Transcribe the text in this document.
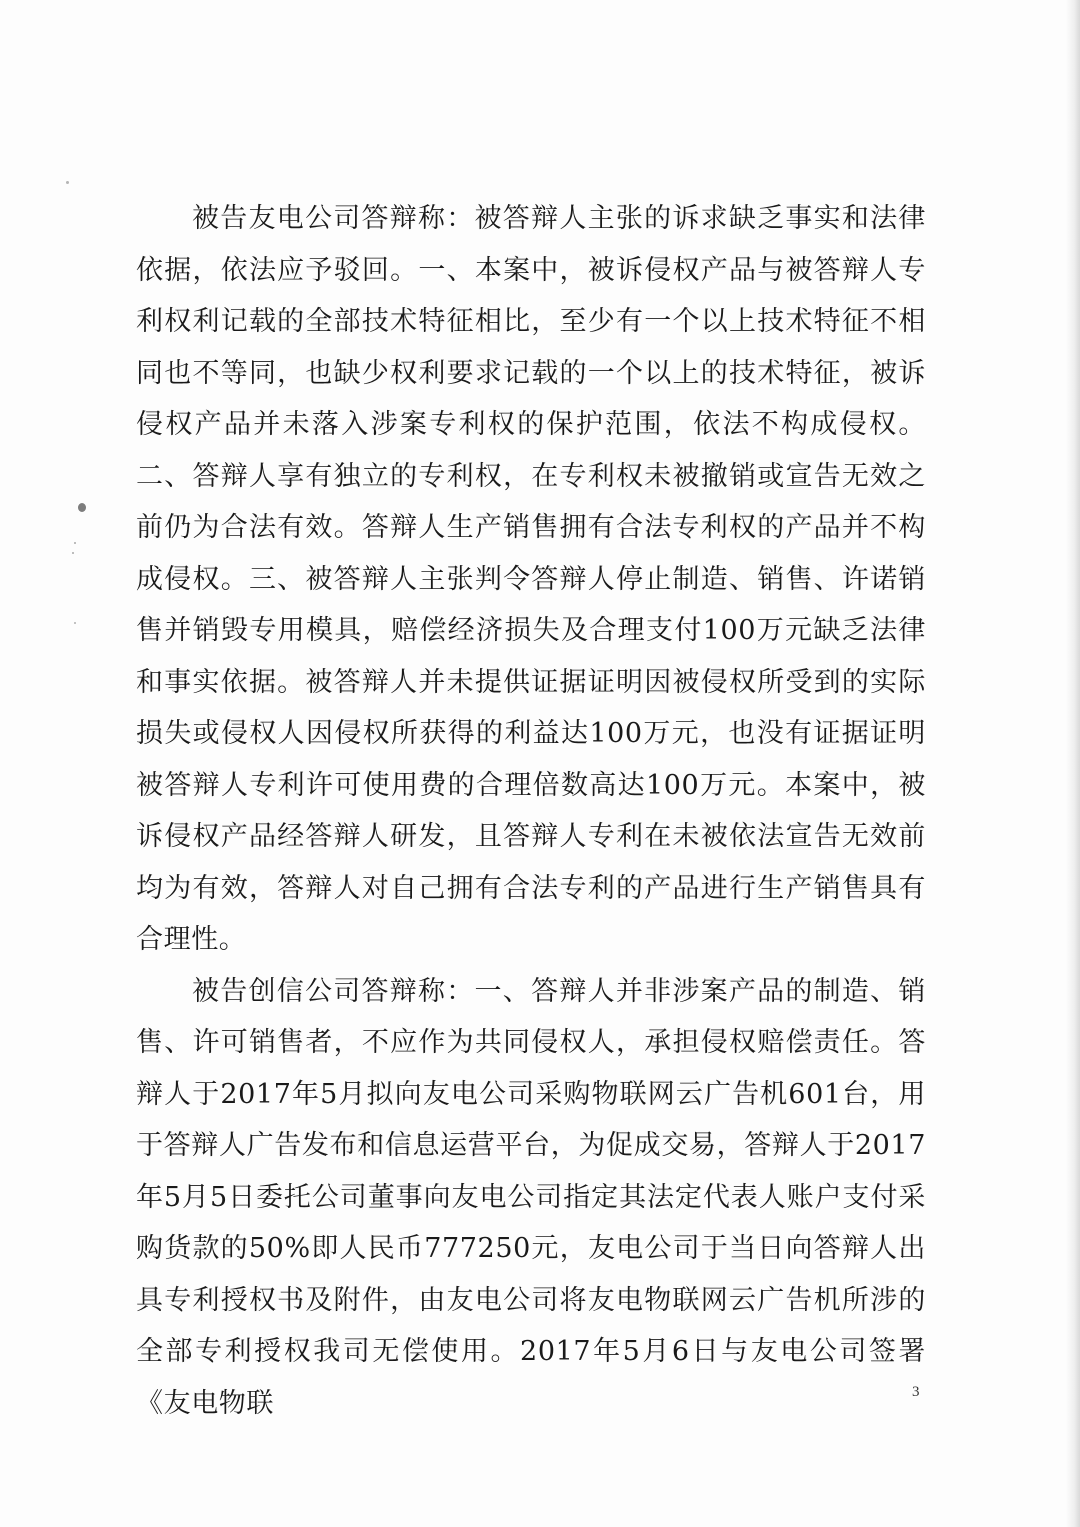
被告友电公司答辩称：被答辩人主张的诉求缺乏事实和法律依据，依法应予驳回。一、本案中，被诉侵权产品与被答辩人专利权利记载的全部技术特征相比，至少有一个以上技术特征不相同也不等同，也缺少权利要求记载的一个以上的技术特征，被诉侵权产品并未落入涉案专利权的保护范围，依法不构成侵权。二、答辩人享有独立的专利权，在专利权未被撤销或宣告无效之前仍为合法有效。答辩人生产销售拥有合法专利权的产品并不构成侵权。三、被答辩人主张判令答辩人停止制造、销售、许诺销售并销毁专用模具，赔偿经济损失及合理支付100万元缺乏法律和事实依据。被答辩人并未提供证据证明因被侵权所受到的实际损失或侵权人因侵权所获得的利益达100万元，也没有证据证明被答辩人专利许可使用费的合理倍数高达100万元。本案中，被诉侵权产品经答辩人研发，且答辩人专利在未被依法宣告无效前均为有效，答辩人对自己拥有合法专利的产品进行生产销售具有合理性。

被告创信公司答辩称：一、答辩人并非涉案产品的制造、销售、许可销售者，不应作为共同侵权人，承担侵权赔偿责任。答辩人于2017年5月拟向友电公司采购物联网云广告机601台，用于答辩人广告发布和信息运营平台，为促成交易，答辩人于2017年5月5日委托公司董事向友电公司指定其法定代表人账户支付采购货款的50%即人民币777250元，友电公司于当日向答辩人出具专利授权书及附件，由友电公司将友电物联网云广告机所涉的全部专利授权我司无偿使用。2017年5月6日与友电公司签署《友电物联	3
